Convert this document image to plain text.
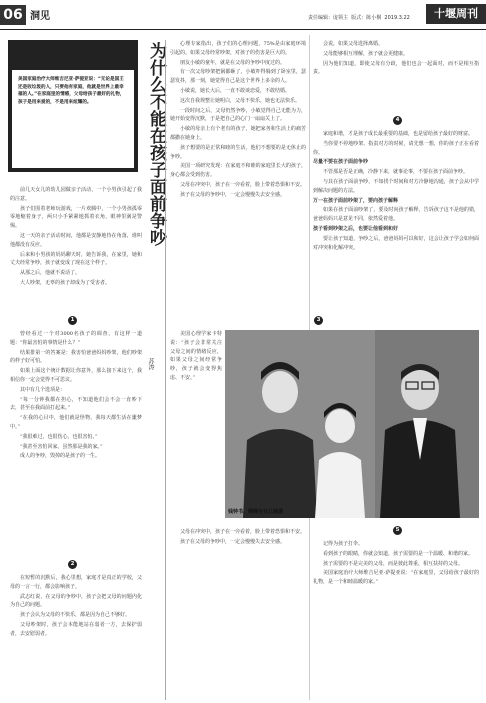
06 洞见	责任编辑：庞领主 版式：陈小桐 2019.3.22	十堰周刊
美国家庭治疗大师维吉尼亚·萨提亚说：“无论是国王还是收垃圾的人，只要他有家庭，他就是世界上最幸福的人。”在家庭里的情感，父母给孩子最好的礼物，孩子是用来爱的，不是用来炫耀的。	为什么不能在孩子面前争吵
苏涛

前几天女儿的幼儿园做亲子活动，一个小男孩引起了我的注意。

孩子们围着老师玩游戏，一片欢腾中，一个小男孩孤零零地缩着身子，两只小手紧紧地抓着衣角，眼神里满是警惕。

这一天的亲子活动时间，他都是安静地待在角落，谁叫他都没有反应。

后来和小男孩的妈妈聊天时，她告诉我，在家里，她和丈夫经常争吵，孩子就变成了现在这个样子。

从那之后，他就不说话了。

大人吵架，无辜的孩子却成为了受害者。

1

曾经看过一个对3000名孩子的调查，有这样一道题：“你最害怕的事情是什么？”

结果排第一的答案是：我害怕爸爸妈妈吵架，他们吵架的样子好可怕。

如果上面这个统计数据让你意外，那么接下来这个，我相信你一定会觉得不可思议。

其中有几个选项是：

“每一分钟我都在担心，不知道他们会不会一直吵下去，甚至在我面前打起来。”

“在我的心目中，他们就是怪物，我每天都生活在噩梦中。”

“我很难过，也很伤心，也很害怕。”

“我甚至害怕回家，虽然那是我的家。”

成人的争吵，毁掉的是孩子的一生。

2

在短暂的沉默后，我心里想，家庭才是真正的学校，父母的一言一行，都会影响孩子。

武志红说，在父母的争吵中，孩子会把父母的问题内化为自己的问题。

孩子会认为父母的不快乐，都是因为自己不够好。

父母吵架时，孩子会本能地站在弱者一方，去保护弱者，去安慰弱者。

心理专家指出，孩子们的心理问题，75%是由家庭环境引起的。如果父母经常吵架，对孩子的伤害是巨大的。

朋友小敏的童年，就是在父母的争吵中度过的。

有一次父母吵架把锅都砸了，小敏吓得躲到了卧室里，瑟瑟发抖，那一刻，她觉得自己是这个世界上多余的人。

小敏说，她长大后，一直不敢谈恋爱，不敢结婚。

这次自我规整让她明白，父母不快乐，她也无法快乐。

一段时间之后，父母仍然争吵，小敏觉得自己无能为力，她开始变得沉默，于是把自己的心门一扇扇关上了。

小敏的母亲上有个老有的孩子，她把家务和生活上的痛苦都撒在她身上。

孩子想要的是正常和睦的生活，他们不想要的是无休止的争吵。

美国一项研究发现：在家庭不和睦的家庭里长大的孩子，身心都会受到伤害。

父母在冲突中，孩子在一旁看着，脸上带着恐惧和不安。

孩子在父母的争吵中，一定会慢慢失去安全感。

3

美国心理学家卡特说：“孩子会非常关注父母之间的情绪反应，如果父母之间经常争吵，孩子就会变得焦虑、不安。”

会说，如果父母选择离婚。

父母能够相互理解，孩子就会更健康。

因为他们知道，即使父母有分歧，他们也会一起面对，而不是相互指责。

4

家庭和谐，才是孩子成长最重要的基础，也是留给孩子最好的财富。

当你要不停地吵架、指责对方的时候，请先想一想，你的孩子正在看着你。

尽量不要在孩子面前争吵

不管那是否是正确，冷静下来，就事论事，不要在孩子面前争吵。

与其在孩子面前争吵，不如找个时间和对方冷静地沟通，孩子会从中学到解决问题的方法。

万一在孩子面前吵架了，要向孩子解释

如果在孩子面前吵架了，要及时向孩子解释，告诉孩子这不是他的错，爸爸妈妈只是意见不同，依然爱着他。

孩子看到吵架之后，也要让他看到和好

要让孩子知道，争吵之后，爸爸妈妈可以和好，这会让孩子学会如何面对冲突和化解冲突。

钱钟书、杨绛与女儿钱瑗
5

父母在冲突中，孩子在一旁看着，脸上带着恐惧和不安。

孩子在父母的争吵中，一定会慢慢失去安全感。	记得为孩子打伞。

看到孩子的眼睛，你就会知道，孩子需要的是一个温暖、和谐的家。

孩子需要的不是完美的父母，而是彼此尊重、相互扶持的父母。

美国家庭治疗大师维吉尼亚·萨提亚说：“在家庭里，父母给孩子最好的礼物，是一个和睦温暖的家。”
